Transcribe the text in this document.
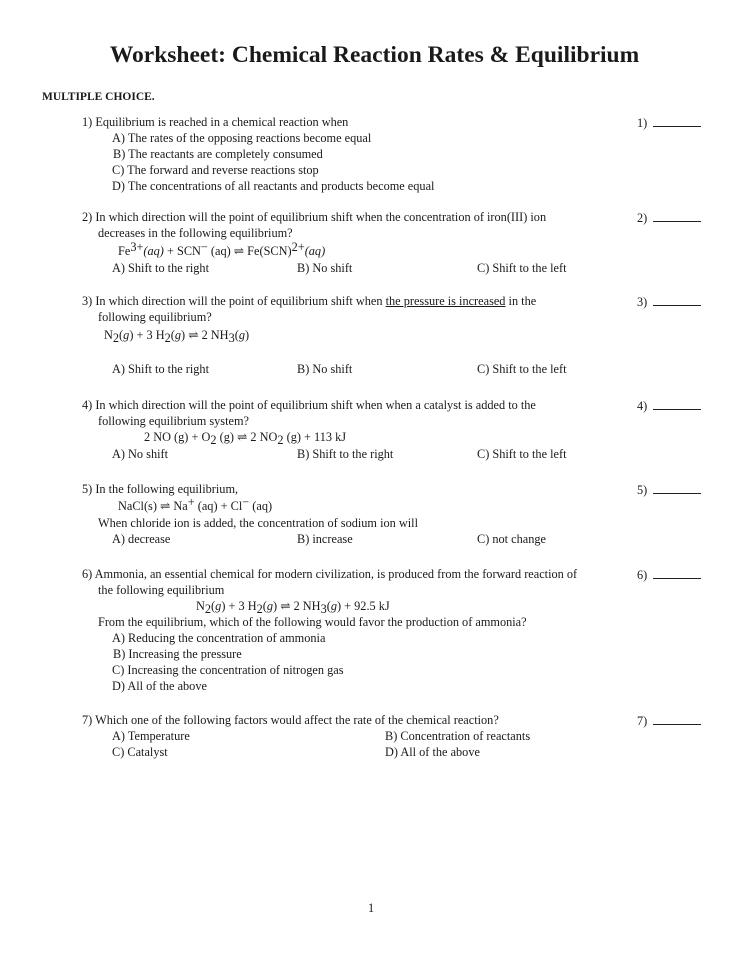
Worksheet: Chemical Reaction Rates & Equilibrium
MULTIPLE CHOICE.
1) Equilibrium is reached in a chemical reaction when
A) The rates of the opposing reactions become equal
B) The reactants are completely consumed
C) The forward and reverse reactions stop
D) The concentrations of all reactants and products become equal
1)
2) In which direction will the point of equilibrium shift when the concentration of iron(III) ion
decreases in the following equilibrium?
$Fe^{3+}(aq) + SCN^-$ (aq) ⇌ Fe(SCN)$^{2+}$(aq)
A) Shift to the right	B) No shift	C) Shift to the left
2)
3) In which direction will the point of equilibrium shift when the pressure is increased in the
following equilibrium?
$N_2(g) + 3$ $H_2(g)$ ⇌ 2 $NH_3(g)$
A) Shift to the right	B) No shift	C) Shift to the left
3)
4) In which direction will the point of equilibrium shift when when a catalyst is added to the
following equilibrium system?
2 NO $(g) + O_2$ (g) ⇌ 2 $NO_2$ (g) + 113 kJ
A) No shift	B) Shift to the right	C) Shift to the left
4)
5) In the following equilibrium,
NaCl(s) ⇌ Na+ (aq) + Cl− (aq)
When chloride ion is added, the concentration of sodium ion will
A) decrease	B) increase	C) not change
5)
6) Ammonia, an essential chemical for modern civilization, is produced from the forward reaction of
the following equilibrium
$N_2(g) + 3$ $H_2(g)$ ⇌ 2 $NH_3(g) + 92.5$ kJ
From the equilibrium, which of the following would favor the production of ammonia?
A) Reducing the concentration of ammonia
B) Increasing the pressure
C) Increasing the concentration of nitrogen gas
D) All of the above
6)
7) Which one of the following factors would affect the rate of the chemical reaction?
A) Temperature	B) Concentration of reactants
C) Catalyst	D) All of the above
7)
1
